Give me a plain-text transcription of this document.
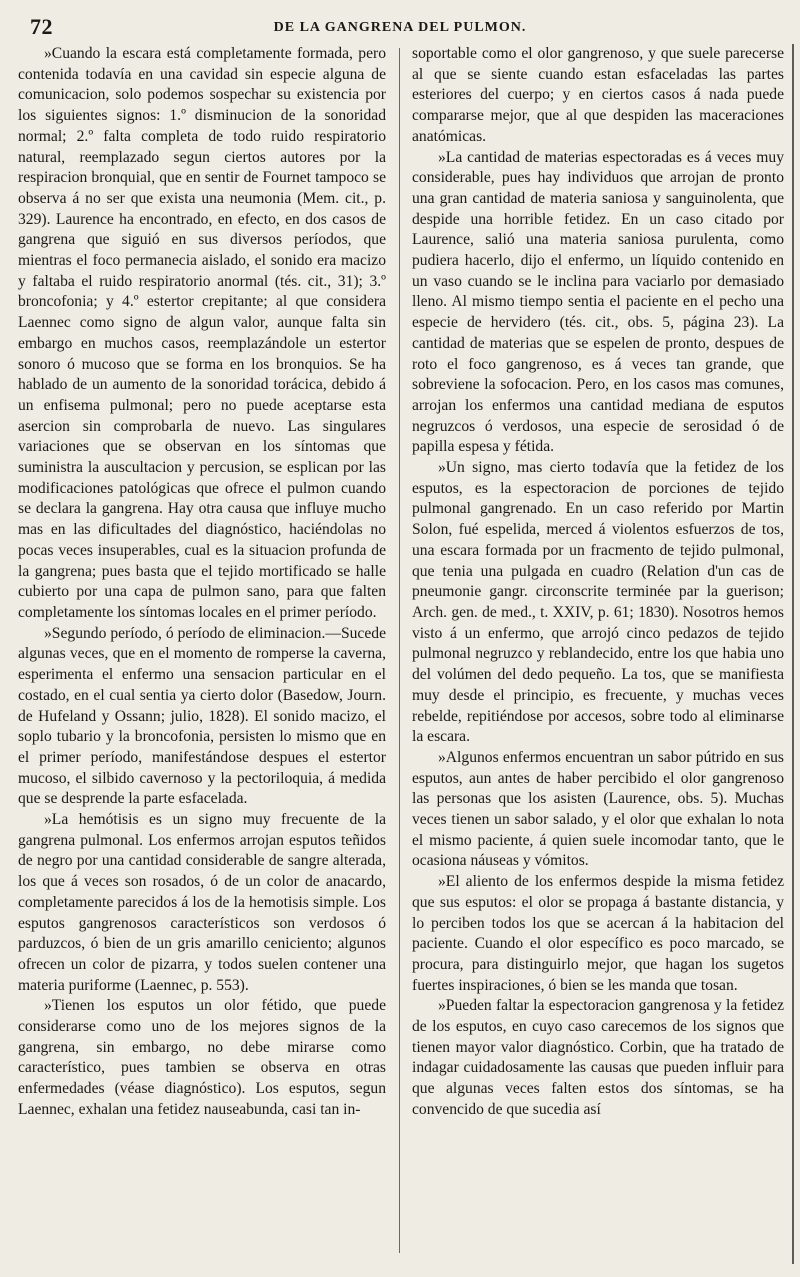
72	DE LA GANGRENA DEL PULMON.

»Cuando la escara está completamente formada, pero contenida todavía en una cavidad sin especie alguna de comunicacion, solo podemos sospechar su existencia por los siguientes signos: 1.º disminucion de la sonoridad normal; 2.º falta completa de todo ruido respiratorio natural, reemplazado segun ciertos autores por la respiracion bronquial, que en sentir de Fournet tampoco se observa á no ser que exista una neumonia (Mem. cit., p. 329). Laurence ha encontrado, en efecto, en dos casos de gangrena que siguió en sus diversos períodos, que mientras el foco permanecia aislado, el sonido era macizo y faltaba el ruido respiratorio anormal (tés. cit., 31); 3.º broncofonia; y 4.º estertor crepitante; al que considera Laennec como signo de algun valor, aunque falta sin embargo en muchos casos, reemplazándole un estertor sonoro ó mucoso que se forma en los bronquios. Se ha hablado de un aumento de la sonoridad torácica, debido á un enfisema pulmonal; pero no puede aceptarse esta asercion sin comprobarla de nuevo. Las singulares variaciones que se observan en los síntomas que suministra la auscultacion y percusion, se esplican por las modificaciones patológicas que ofrece el pulmon cuando se declara la gangrena. Hay otra causa que influye mucho mas en las dificultades del diagnóstico, haciéndolas no pocas veces insuperables, cual es la situacion profunda de la gangrena; pues basta que el tejido mortificado se halle cubierto por una capa de pulmon sano, para que falten completamente los síntomas locales en el primer período.

»Segundo período, ó período de eliminacion.—Sucede algunas veces, que en el momento de romperse la caverna, esperimenta el enfermo una sensacion particular en el costado, en el cual sentia ya cierto dolor (Basedow, Journ. de Hufeland y Ossann; julio, 1828). El sonido macizo, el soplo tubario y la broncofonia, persisten lo mismo que en el primer período, manifestándose despues el estertor mucoso, el silbido cavernoso y la pectoriloquia, á medida que se desprende la parte esfacelada.

»La hemótisis es un signo muy frecuente de la gangrena pulmonal. Los enfermos arrojan esputos teñidos de negro por una cantidad considerable de sangre alterada, los que á veces son rosados, ó de un color de anacardo, completamente parecidos á los de la hemotisis simple. Los esputos gangrenosos característicos son verdosos ó parduzcos, ó bien de un gris amarillo ceniciento; algunos ofrecen un color de pizarra, y todos suelen contener una materia puriforme (Laennec, p. 553).

»Tienen los esputos un olor fétido, que puede considerarse como uno de los mejores signos de la gangrena, sin embargo, no debe mirarse como característico, pues tambien se observa en otras enfermedades (véase diagnóstico). Los esputos, segun Laennec, exhalan una fetidez nauseabunda, casi tan in-

soportable como el olor gangrenoso, y que suele parecerse al que se siente cuando estan esfaceladas las partes esteriores del cuerpo; y en ciertos casos á nada puede compararse mejor, que al que despiden las maceraciones anatómicas.

»La cantidad de materias espectoradas es á veces muy considerable, pues hay individuos que arrojan de pronto una gran cantidad de materia saniosa y sanguinolenta, que despide una horrible fetidez. En un caso citado por Laurence, salió una materia saniosa purulenta, como pudiera hacerlo, dijo el enfermo, un líquido contenido en un vaso cuando se le inclina para vaciarlo por demasiado lleno. Al mismo tiempo sentia el paciente en el pecho una especie de hervidero (tés. cit., obs. 5, página 23). La cantidad de materias que se espelen de pronto, despues de roto el foco gangrenoso, es á veces tan grande, que sobreviene la sofocacion. Pero, en los casos mas comunes, arrojan los enfermos una cantidad mediana de esputos negruzcos ó verdosos, una especie de serosidad ó de papilla espesa y fétida.

»Un signo, mas cierto todavía que la fetidez de los esputos, es la espectoracion de porciones de tejido pulmonal gangrenado. En un caso referido por Martin Solon, fué espelida, merced á violentos esfuerzos de tos, una escara formada por un fracmento de tejido pulmonal, que tenia una pulgada en cuadro (Relation d'un cas de pneumonie gangr. circonscrite terminée par la guerison; Arch. gen. de med., t. XXIV, p. 61; 1830). Nosotros hemos visto á un enfermo, que arrojó cinco pedazos de tejido pulmonal negruzco y reblandecido, entre los que habia uno del volúmen del dedo pequeño. La tos, que se manifiesta muy desde el principio, es frecuente, y muchas veces rebelde, repitiéndose por accesos, sobre todo al eliminarse la escara.

»Algunos enfermos encuentran un sabor pútrido en sus esputos, aun antes de haber percibido el olor gangrenoso las personas que los asisten (Laurence, obs. 5). Muchas veces tienen un sabor salado, y el olor que exhalan lo nota el mismo paciente, á quien suele incomodar tanto, que le ocasiona náuseas y vómitos.

»El aliento de los enfermos despide la misma fetidez que sus esputos: el olor se propaga á bastante distancia, y lo perciben todos los que se acercan á la habitacion del paciente. Cuando el olor específico es poco marcado, se procura, para distinguirlo mejor, que hagan los sugetos fuertes inspiraciones, ó bien se les manda que tosan.

»Pueden faltar la espectoracion gangrenosa y la fetidez de los esputos, en cuyo caso carecemos de los signos que tienen mayor valor diagnóstico. Corbin, que ha tratado de indagar cuidadosamente las causas que pueden influir para que algunas veces falten estos dos síntomas, se ha convencido de que sucedia así
